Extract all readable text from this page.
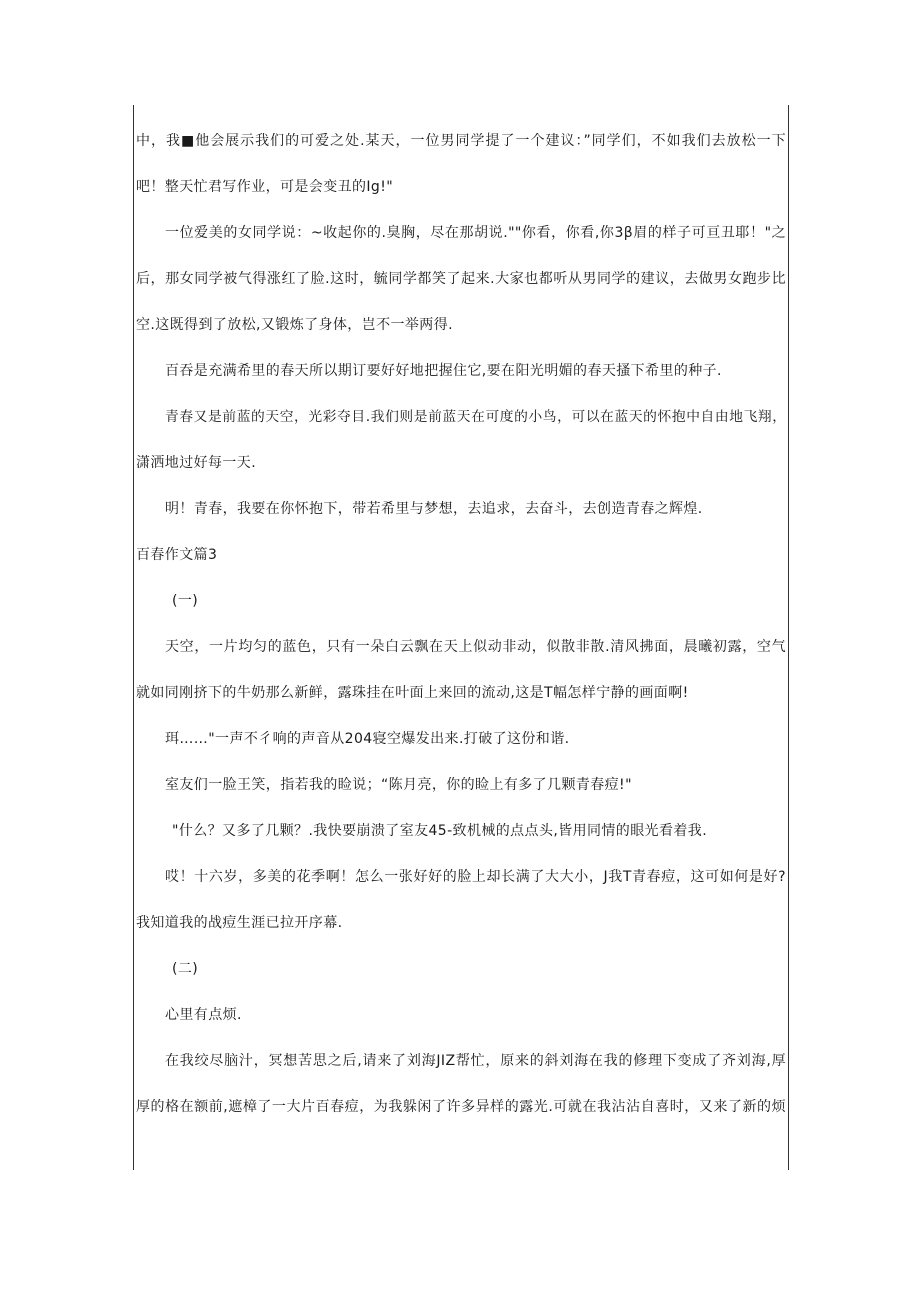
中，我■他会展示我们的可爱之处.某天，一位男同学提了一个建议：”同学们，不如我们去放松一下

吧！整天忙君写作业，可是会变丑的Ig!"

一位爱美的女同学说：~收起你的.臭胸，尽在那胡说.""你看，你看,你3β眉的样子可亘丑耶！"之

后，那女同学被气得涨红了脸.这时，毓同学都笑了起来.大家也都听从男同学的建议，去做男女跑步比

空.这既得到了放松,又锻炼了身体，岂不一举两得.

百吞是充满希里的春天所以期订要好好地把握住它,要在阳光明媚的春天搔下希里的种子.

青春又是前蓝的天空，光彩夺目.我们则是前蓝天在可度的小鸟，可以在蓝天的怀抱中自由地飞翔，

潇洒地过好每一天.

明！青春，我要在你怀抱下，带若希里与梦想，去追求，去奋斗，去创造青春之辉煌.

百春作文篇3

(一)

天空，一片均匀的蓝色，只有一朵白云飘在天上似动非动，似散非散.清风拂面，晨曦初露，空气

就如同刚挤下的牛奶那么新鲜，露珠挂在叶面上来回的流动,这是T幅怎样宁静的画面啊!

珥……"一声不彳响的声音从204寝空爆发出来.打破了这份和谐.

室友们一脸王笑，指若我的睑说；“陈月亮，你的睑上有多了几颗青春痘!"

"什么？又多了几颗？.我快要崩溃了室友45-致机械的点点头,皆用同情的眼光看着我.

哎！十六岁，多美的花季啊！怎么一张好好的脸上却长满了大大小，J我T青春痘，这可如何是好?

我知道我的战痘生涯已拉开序幕.

(二)

心里有点烦.

在我绞尽脑汁，冥想苦思之后,请来了刘海JIZ帮忙，原来的斜刘海在我的修理下变成了齐刘海,厚

厚的格在额前,遮樟了一大片百春痘，为我躲闲了许多异样的露光.可就在我沾沾自喜时，又来了新的烦
